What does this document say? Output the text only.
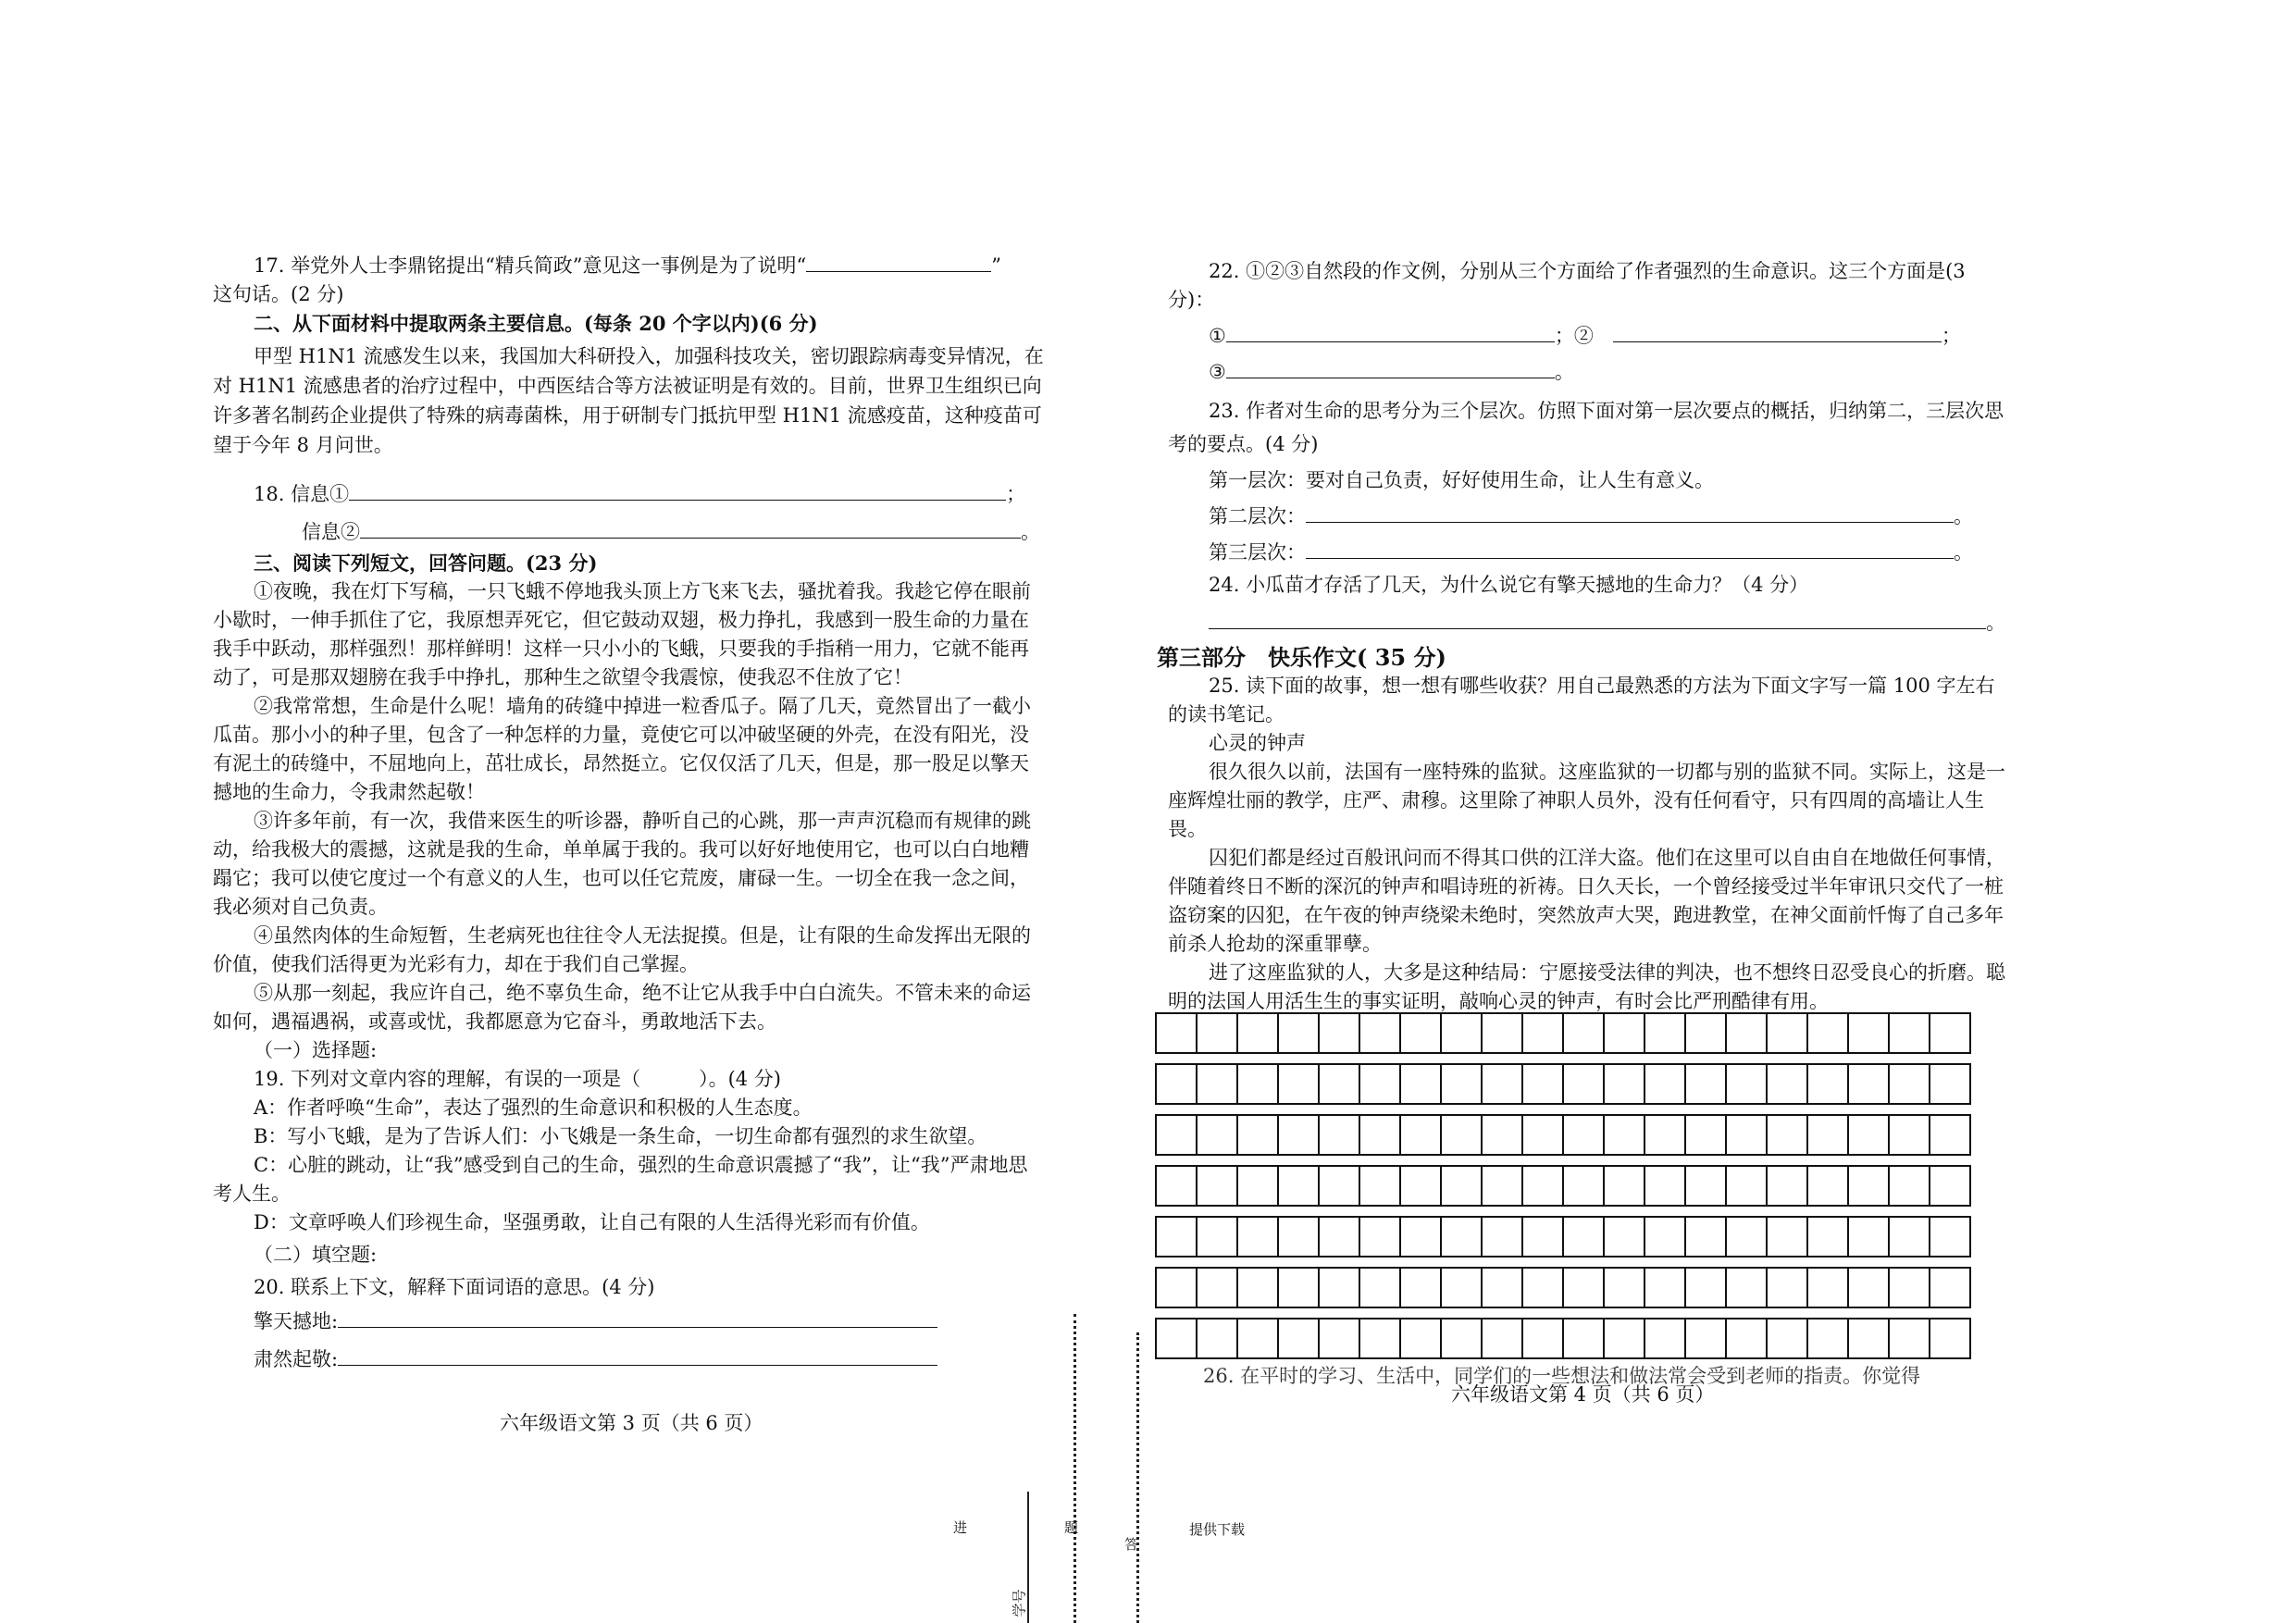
17. 举党外人士李鼎铭提出“精兵简政”意见这一事例是为了说明“	”

这句话。(2 分)

二、从下面材料中提取两条主要信息。(每条 20 个字以内)(6 分)

甲型 H1N1 流感发生以来，我国加大科研投入，加强科技攻关，密切跟踪病毒变异情况，在对 H1N1 流感患者的治疗过程中，中西医结合等方法被证明是有效的。目前，世界卫生组织已向许多著名制药企业提供了特殊的病毒菌株，用于研制专门抵抗甲型 H1N1 流感疫苗，这种疫苗可望于今年 8 月问世。

18. 信息①	；

信息②	。

三、阅读下列短文，回答问题。(23 分)

①夜晚，我在灯下写稿，一只飞蛾不停地我头顶上方飞来飞去，骚扰着我。我趁它停在眼前小歇时，一伸手抓住了它，我原想弄死它，但它鼓动双翅，极力挣扎，我感到一股生命的力量在我手中跃动，那样强烈！那样鲜明！这样一只小小的飞蛾，只要我的手指稍一用力，它就不能再动了，可是那双翅膀在我手中挣扎，那种生之欲望令我震惊，使我忍不住放了它！

②我常常想，生命是什么呢！墙角的砖缝中掉进一粒香瓜子。隔了几天，竟然冒出了一截小瓜苗。那小小的种子里，包含了一种怎样的力量，竟使它可以冲破坚硬的外壳，在没有阳光，没有泥土的砖缝中，不屈地向上，茁壮成长，昂然挺立。它仅仅活了几天，但是，那一股足以擎天撼地的生命力，令我肃然起敬！

③许多年前，有一次，我借来医生的听诊器，静听自己的心跳，那一声声沉稳而有规律的跳动，给我极大的震撼，这就是我的生命，单单属于我的。我可以好好地使用它，也可以白白地糟蹋它；我可以使它度过一个有意义的人生，也可以任它荒废，庸碌一生。一切全在我一念之间，我必须对自己负责。

④虽然肉体的生命短暂，生老病死也往往令人无法捉摸。但是，让有限的生命发挥出无限的价值，使我们活得更为光彩有力，却在于我们自己掌握。

⑤从那一刻起，我应许自己，绝不辜负生命，绝不让它从我手中白白流失。不管未来的命运如何，遇福遇祸，或喜或忧，我都愿意为它奋斗，勇敢地活下去。

（一）选择题:

19. 下列对文章内容的理解，有误的一项是（　　　）。(4 分)

A：作者呼唤“生命”，表达了强烈的生命意识和积极的人生态度。

B：写小飞蛾，是为了告诉人们：小飞娥是一条生命，一切生命都有强烈的求生欲望。

C：心脏的跳动，让“我”感受到自己的生命，强烈的生命意识震撼了“我”，让“我”严肃地思考人生。

D：文章呼唤人们珍视生命，坚强勇敢，让自己有限的人生活得光彩而有价值。

（二）填空题:

20. 联系上下文，解释下面词语的意思。(4 分)

擎天撼地:

肃然起敬:

六年级语文第 3 页（共 6 页）

22. ①②③自然段的作文例，分别从三个方面给了作者强烈的生命意识。这三个方面是(3 分)：

①	；②　	；

③	。

23. 作者对生命的思考分为三个层次。仿照下面对第一层次要点的概括，归纳第二，三层次思考的要点。(4 分)

第一层次：要对自己负责，好好使用生命，让人生有意义。

第二层次：	。

第三层次：	。

24. 小瓜苗才存活了几天，为什么说它有擎天撼地的生命力？（4 分）

。

第三部分　快乐作文( 35 分)

25. 读下面的故事，想一想有哪些收获？用自己最熟悉的方法为下面文字写一篇 100 字左右的读书笔记。

心灵的钟声

很久很久以前，法国有一座特殊的监狱。这座监狱的一切都与别的监狱不同。实际上，这是一座辉煌壮丽的教学，庄严、肃穆。这里除了神职人员外，没有任何看守，只有四周的高墙让人生畏。

囚犯们都是经过百般讯问而不得其口供的江洋大盗。他们在这里可以自由自在地做任何事情，伴随着终日不断的深沉的钟声和唱诗班的祈祷。日久天长，一个曾经接受过半年审讯只交代了一桩盗窃案的囚犯，在午夜的钟声绕梁未绝时，突然放声大哭，跑进教堂，在神父面前忏悔了自己多年前杀人抢劫的深重罪孽。

进了这座监狱的人，大多是这种结局：宁愿接受法律的判决，也不想终日忍受良心的折磨。聪明的法国人用活生生的事实证明，敲响心灵的钟声，有时会比严刑酷律有用。

26. 在平时的学习、生活中，同学们的一些想法和做法常会受到老师的指责。你觉得
六年级语文第 4 页（共 6 页）
进	题
答
提供下载
学号
